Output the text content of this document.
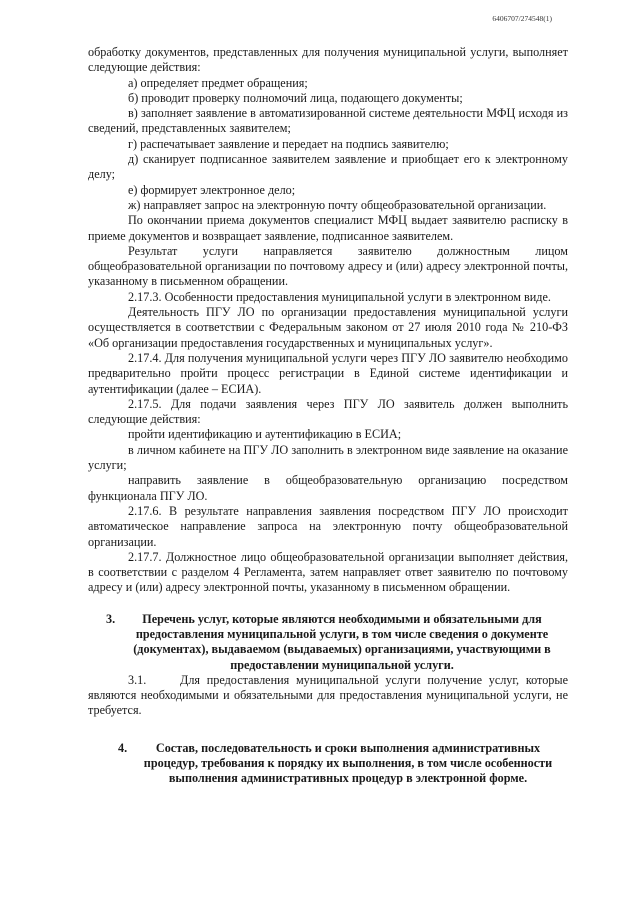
6406707/274548(1)

обработку документов, представленных для получения муниципальной услуги, выполняет следующие действия:

а) определяет предмет обращения;

б) проводит проверку полномочий лица, подающего документы;

в) заполняет заявление в автоматизированной системе деятельности МФЦ исходя из сведений, представленных заявителем;

г) распечатывает заявление и передает на подпись заявителю;

д) сканирует подписанное заявителем заявление и приобщает его к электронному делу;

е) формирует электронное дело;

ж) направляет запрос на электронную почту общеобразовательной организации.

По окончании приема документов специалист МФЦ выдает заявителю расписку в приеме документов и возвращает заявление, подписанное заявителем.

Результат услуги направляется заявителю должностным лицом общеобразовательной организации по почтовому адресу и (или) адресу электронной почты, указанному в письменном обращении.

2.17.3. Особенности предоставления муниципальной услуги в электронном виде.

Деятельность ПГУ ЛО по организации предоставления муниципальной услуги осуществляется в соответствии с Федеральным законом от 27 июля 2010 года № 210-ФЗ «Об организации предоставления государственных и муниципальных услуг».

2.17.4. Для получения муниципальной услуги через ПГУ ЛО заявителю необходимо предварительно пройти процесс регистрации в Единой системе идентификации и аутентификации (далее – ЕСИА).

2.17.5. Для подачи заявления через ПГУ ЛО заявитель должен выполнить следующие действия:

пройти идентификацию и аутентификацию в ЕСИА;

в личном кабинете на ПГУ ЛО заполнить в электронном виде заявление на оказание услуги;

направить заявление в общеобразовательную организацию посредством функционала ПГУ ЛО.

2.17.6. В результате направления заявления посредством ПГУ ЛО происходит автоматическое направление запроса на электронную почту общеобразовательной организации.

2.17.7. Должностное лицо общеобразовательной организации выполняет действия, в соответствии с разделом 4 Регламента, затем направляет ответ заявителю по почтовому адресу и (или) адресу электронной почты, указанному в письменном обращении.

3.	Перечень услуг, которые являются необходимыми и обязательными для предоставления муниципальной услуги, в том числе сведения о документе (документах), выдаваемом (выдаваемых) организациями, участвующими в предоставлении муниципальной услуги.

3.1.	Для предоставления муниципальной услуги получение услуг, которые являются необходимыми и обязательными для предоставления муниципальной услуги, не требуется.

4.	Состав, последовательность и сроки выполнения административных процедур, требования к порядку их выполнения, в том числе особенности выполнения административных процедур в электронной форме.
